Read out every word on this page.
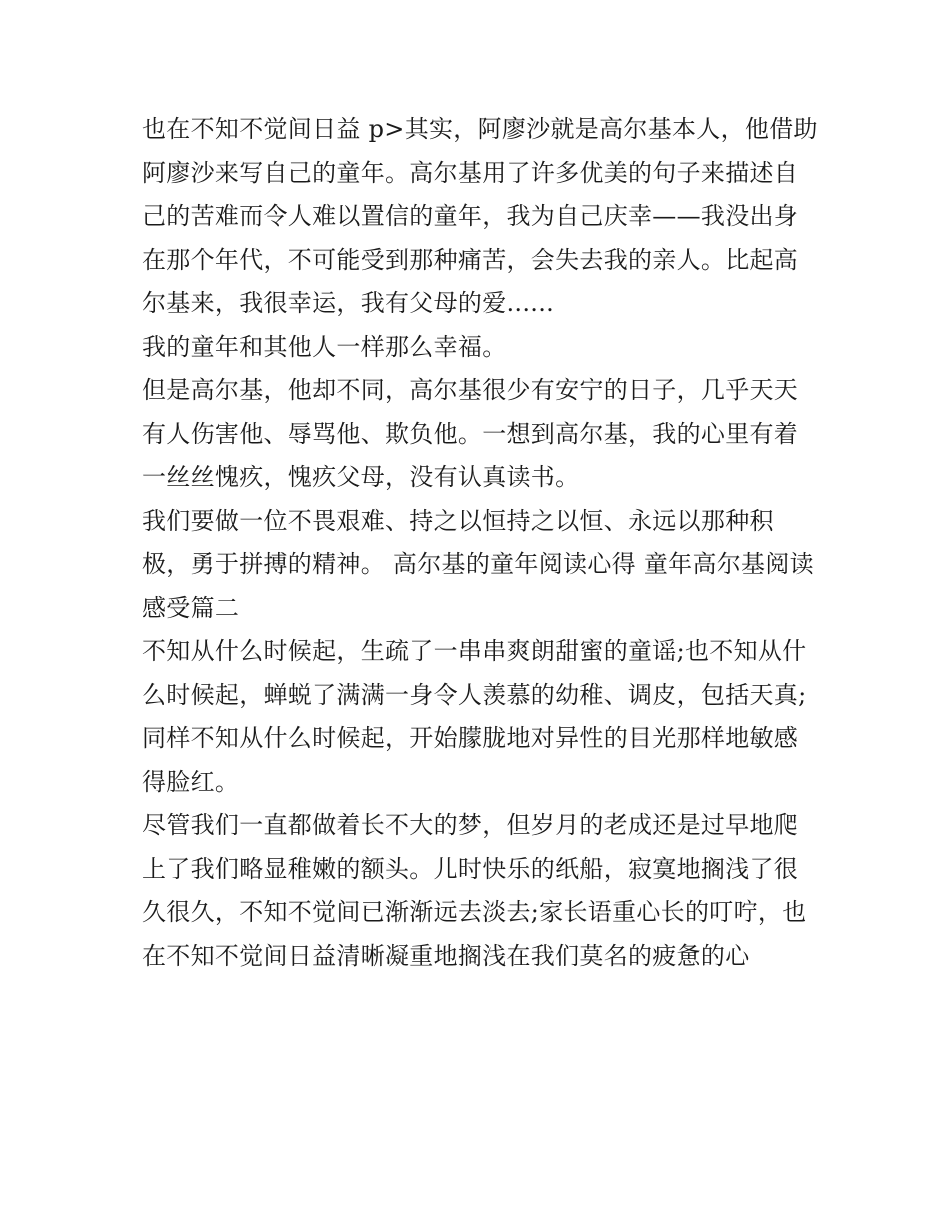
也在不知不觉间日益 p>其实，阿廖沙就是高尔基本人，他借助阿廖沙来写自己的童年。高尔基用了许多优美的句子来描述自己的苦难而令人难以置信的童年，我为自己庆幸——我没出身在那个年代，不可能受到那种痛苦，会失去我的亲人。比起高尔基来，我很幸运，我有父母的爱......

我的童年和其他人一样那么幸福。

但是高尔基，他却不同，高尔基很少有安宁的日子，几乎天天有人伤害他、辱骂他、欺负他。一想到高尔基，我的心里有着一丝丝愧疚，愧疚父母，没有认真读书。

我们要做一位不畏艰难、持之以恒持之以恒、永远以那种积极，勇于拼搏的精神。 高尔基的童年阅读心得 童年高尔基阅读感受篇二

不知从什么时候起，生疏了一串串爽朗甜蜜的童谣;也不知从什么时候起，蝉蜕了满满一身令人羡慕的幼稚、调皮，包括天真;同样不知从什么时候起，开始朦胧地对异性的目光那样地敏感得脸红。

尽管我们一直都做着长不大的梦，但岁月的老成还是过早地爬上了我们略显稚嫩的额头。儿时快乐的纸船，寂寞地搁浅了很久很久，不知不觉间已渐渐远去淡去;家长语重心长的叮咛，也在不知不觉间日益清晰凝重地搁浅在我们莫名的疲惫的心
